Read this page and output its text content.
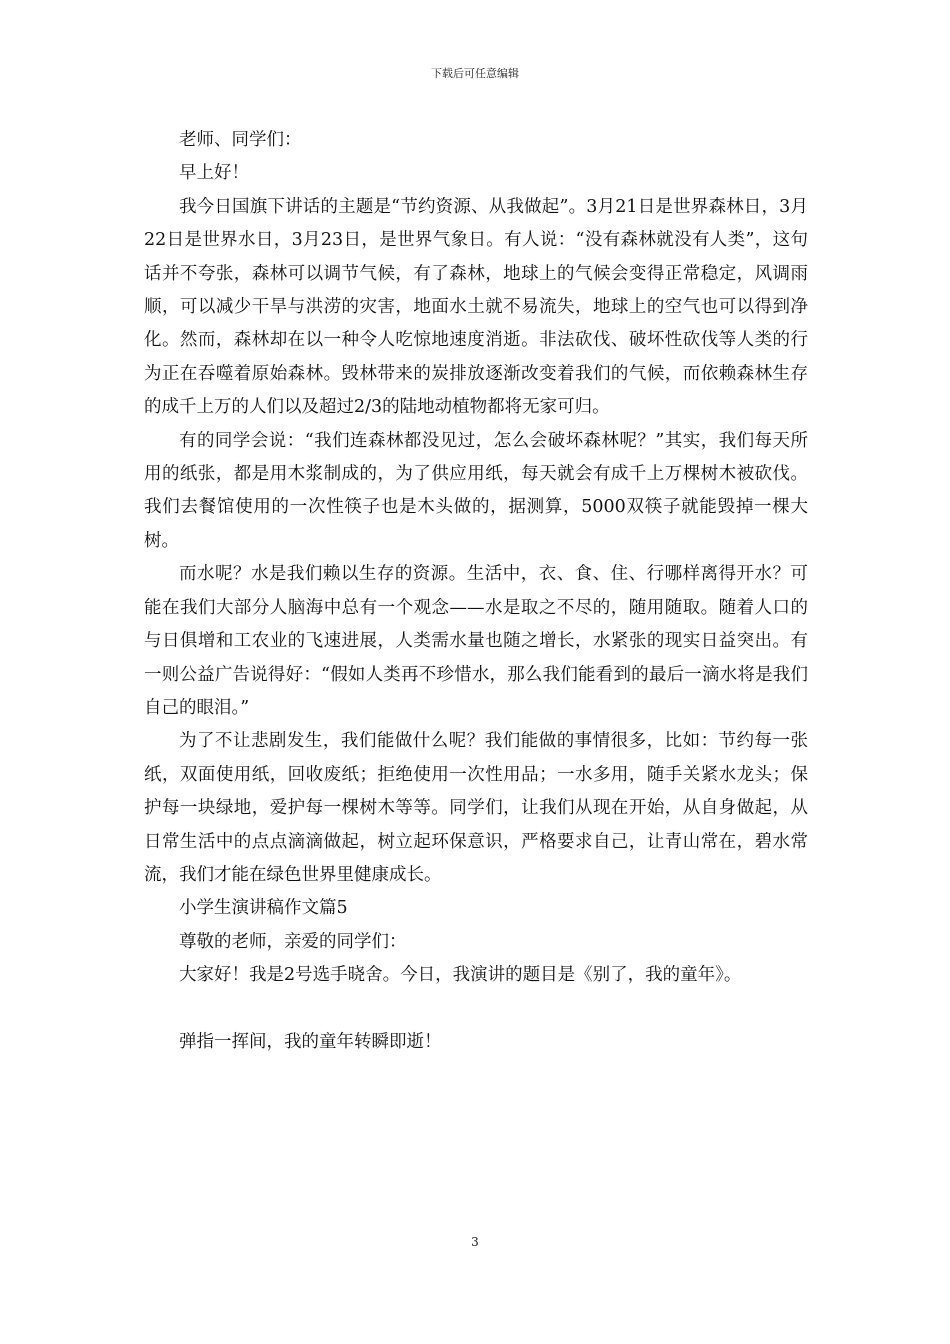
下载后可任意编辑

老师、同学们：

早上好！

我今日国旗下讲话的主题是“节约资源、从我做起”。3月21日是世界森林日，3月22日是世界水日，3月23日，是世界气象日。有人说：“没有森林就没有人类”，这句话并不夸张，森林可以调节气候，有了森林，地球上的气候会变得正常稳定，风调雨顺，可以减少干旱与洪涝的灾害，地面水土就不易流失，地球上的空气也可以得到净化。然而，森林却在以一种令人吃惊地速度消逝。非法砍伐、破坏性砍伐等人类的行为正在吞噬着原始森林。毁林带来的炭排放逐渐改变着我们的气候，而依赖森林生存的成千上万的人们以及超过2/3的陆地动植物都将无家可归。

有的同学会说：“我们连森林都没见过，怎么会破坏森林呢？”其实，我们每天所用的纸张，都是用木浆制成的，为了供应用纸，每天就会有成千上万棵树木被砍伐。我们去餐馆使用的一次性筷子也是木头做的，据测算，5000双筷子就能毁掉一棵大树。

而水呢？水是我们赖以生存的资源。生活中，衣、食、住、行哪样离得开水？可能在我们大部分人脑海中总有一个观念——水是取之不尽的，随用随取。随着人口的与日俱增和工农业的飞速进展，人类需水量也随之增长，水紧张的现实日益突出。有一则公益广告说得好：“假如人类再不珍惜水，那么我们能看到的最后一滴水将是我们自己的眼泪。”

为了不让悲剧发生，我们能做什么呢？我们能做的事情很多，比如：节约每一张纸，双面使用纸，回收废纸；拒绝使用一次性用品；一水多用，随手关紧水龙头；保护每一块绿地，爱护每一棵树木等等。同学们，让我们从现在开始，从自身做起，从日常生活中的点点滴滴做起，树立起环保意识，严格要求自己，让青山常在，碧水常流，我们才能在绿色世界里健康成长。

小学生演讲稿作文篇5

尊敬的老师，亲爱的同学们：

大家好！我是2号选手晓舍。今日，我演讲的题目是《别了，我的童年》。

弹指一挥间，我的童年转瞬即逝！

3
